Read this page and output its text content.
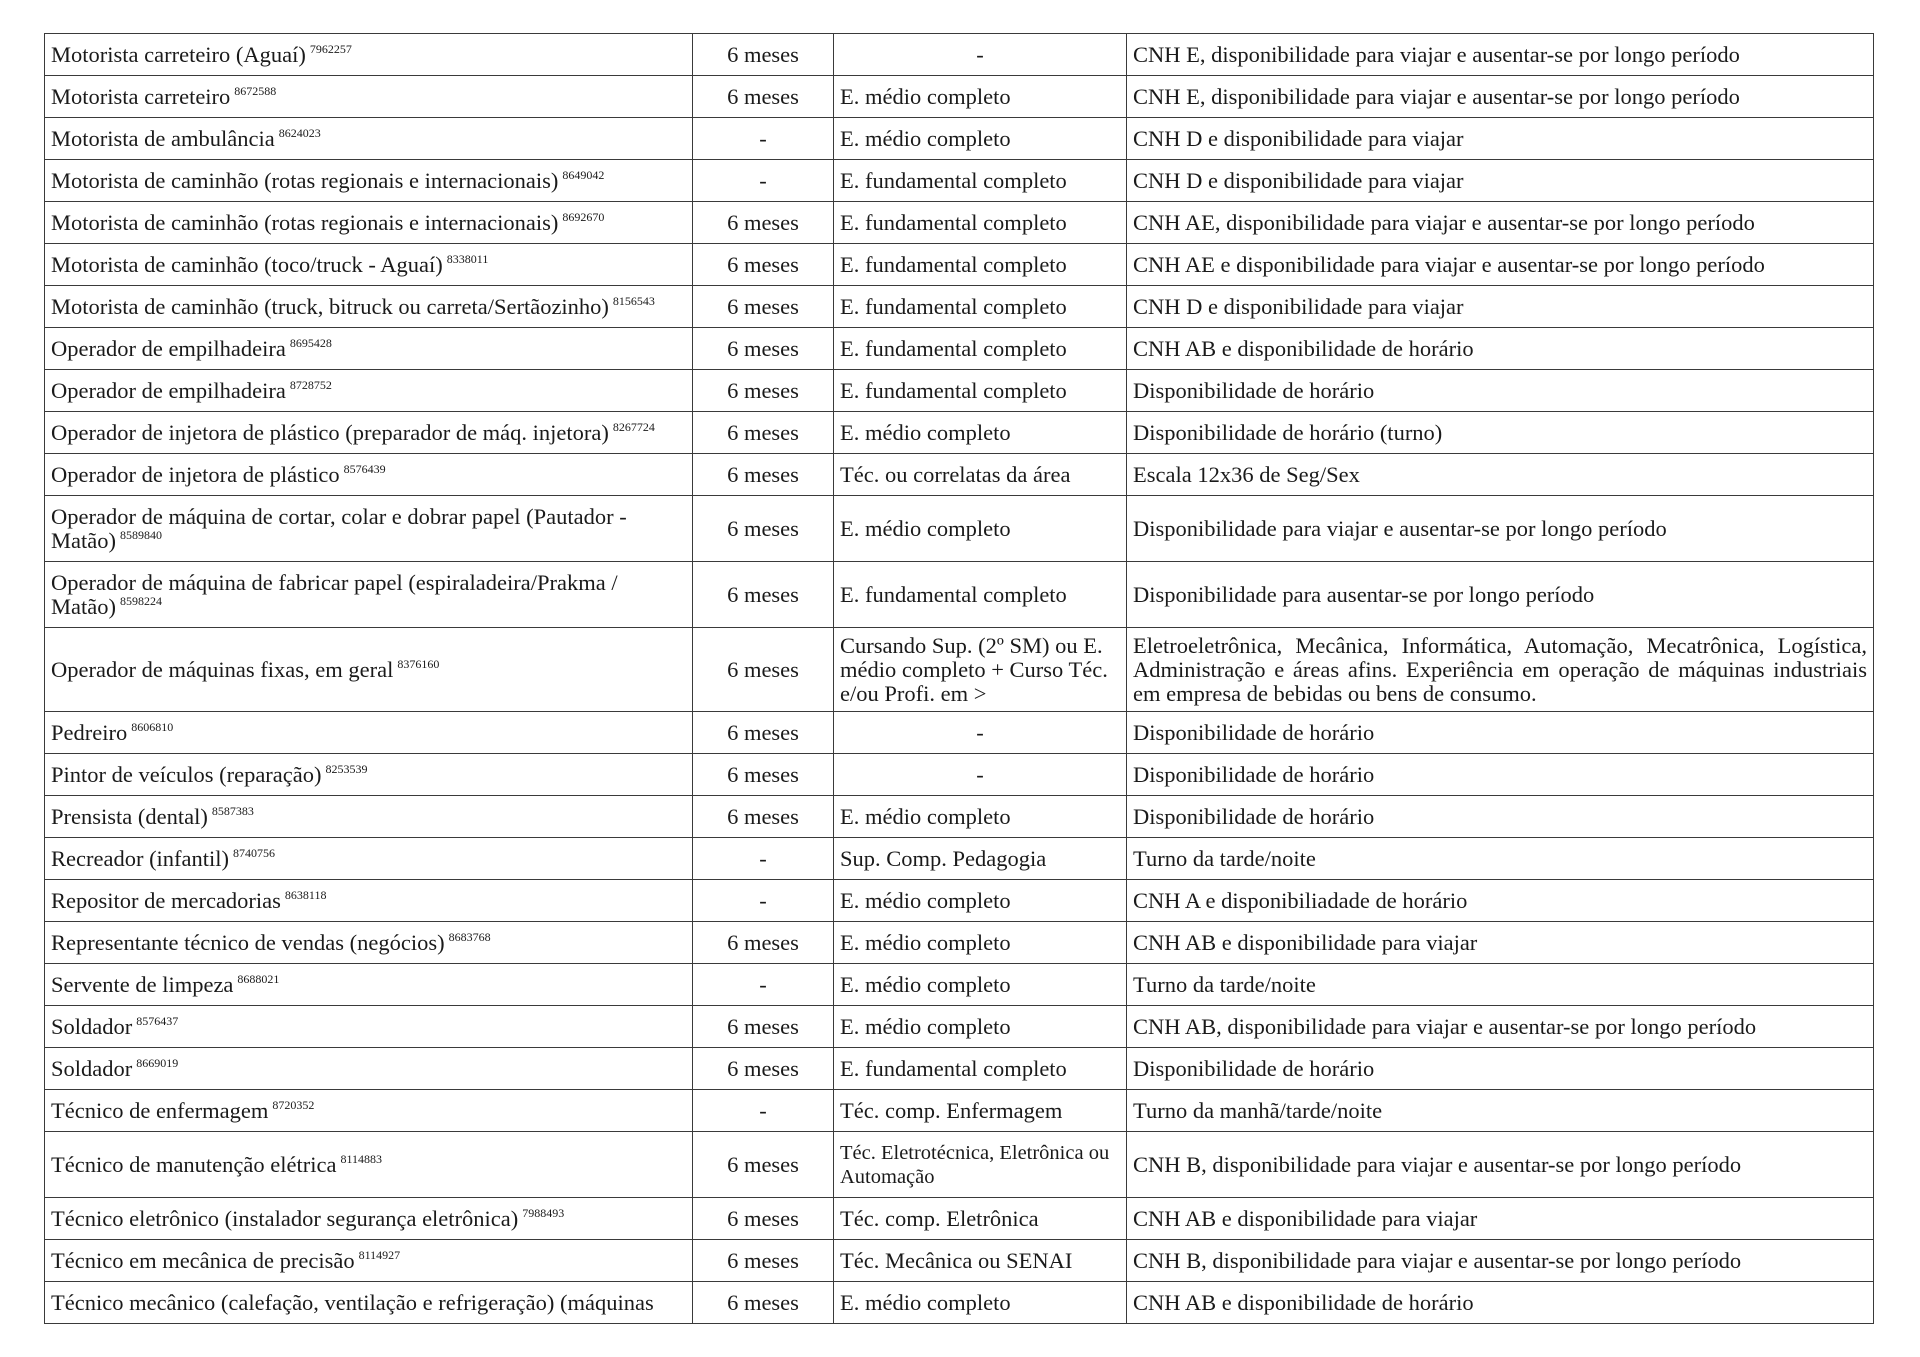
Motorista carreteiro (Aguaí) $^{7962257}$	6 meses	-	CNH E, disponibilidade para viajar e ausentar-se por longo período
Motorista carreteiro $^{8672588}$	6 meses	E. médio completo	CNH E, disponibilidade para viajar e ausentar-se por longo período
Motorista de ambulância $^{8624023}$	-	E. médio completo	CNH D e disponibilidade para viajar
Motorista de caminhão (rotas regionais e internacionais) $^{8649042}$	-	E. fundamental completo	CNH D e disponibilidade para viajar
Motorista de caminhão (rotas regionais e internacionais) $^{8692670}$	6 meses	E. fundamental completo	CNH AE, disponibilidade para viajar e ausentar-se por longo período
Motorista de caminhão (toco/truck - Aguaí) $^{8338011}$	6 meses	E. fundamental completo	CNH AE e disponibilidade para viajar e ausentar-se por longo período
Motorista de caminhão (truck, bitruck ou carreta/Sertãozinho) $^{8156543}$	6 meses	E. fundamental completo	CNH D e disponibilidade para viajar
Operador de empilhadeira $^{8695428}$	6 meses	E. fundamental completo	CNH AB e disponibilidade de horário
Operador de empilhadeira $^{8728752}$	6 meses	E. fundamental completo	Disponibilidade de horário
Operador de injetora de plástico (preparador de máq. injetora) $^{8267724}$	6 meses	E. médio completo	Disponibilidade de horário (turno)
Operador de injetora de plástico $^{8576439}$	6 meses	Téc. ou correlatas da área	Escala 12x36 de Seg/Sex
Operador de máquina de cortar, colar e dobrar papel (Pautador - Matão) $^{8589840}$	6 meses	E. médio completo	Disponibilidade para viajar e ausentar-se por longo período
Operador de máquina de fabricar papel (espiraladeira/Prakma / Matão) $^{8598224}$	6 meses	E. fundamental completo	Disponibilidade para ausentar-se por longo período
Operador de máquinas fixas, em geral $^{8376160}$	6 meses	Cursando Sup. (2º SM) ou E. médio completo + Curso Téc. e/ou Profi. em >	Eletroeletrônica, Mecânica, Informática, Automação, Mecatrônica, Logística, Administração e áreas afins. Experiência em operação de máquinas industriais em empresa de bebidas ou bens de consumo.
Pedreiro $^{8606810}$	6 meses	-	Disponibilidade de horário
Pintor de veículos (reparação) $^{8253539}$	6 meses	-	Disponibilidade de horário
Prensista (dental) $^{8587383}$	6 meses	E. médio completo	Disponibilidade de horário
Recreador (infantil) $^{8740756}$	-	Sup. Comp. Pedagogia	Turno da tarde/noite
Repositor de mercadorias $^{8638118}$	-	E. médio completo	CNH A e disponibiliadade de horário
Representante técnico de vendas (negócios) $^{8683768}$	6 meses	E. médio completo	CNH AB e disponibilidade para viajar
Servente de limpeza $^{8688021}$	-	E. médio completo	Turno da tarde/noite
Soldador $^{8576437}$	6 meses	E. médio completo	CNH AB, disponibilidade para viajar e ausentar-se por longo período
Soldador $^{8669019}$	6 meses	E. fundamental completo	Disponibilidade de horário
Técnico de enfermagem $^{8720352}$	-	Téc. comp. Enfermagem	Turno da manhã/tarde/noite
Técnico de manutenção elétrica $^{8114883}$	6 meses	Téc. Eletrotécnica, Eletrônica ou Automação	CNH B, disponibilidade para viajar e ausentar-se por longo período
Técnico eletrônico (instalador segurança eletrônica) $^{7988493}$	6 meses	Téc. comp. Eletrônica	CNH AB e disponibilidade para viajar
Técnico em mecânica de precisão $^{8114927}$	6 meses	Téc. Mecânica ou SENAI	CNH B, disponibilidade para viajar e ausentar-se por longo período
Técnico mecânico (calefação, ventilação e refrigeração) (máquinas	6 meses	E. médio completo	CNH AB e disponibilidade de horário
